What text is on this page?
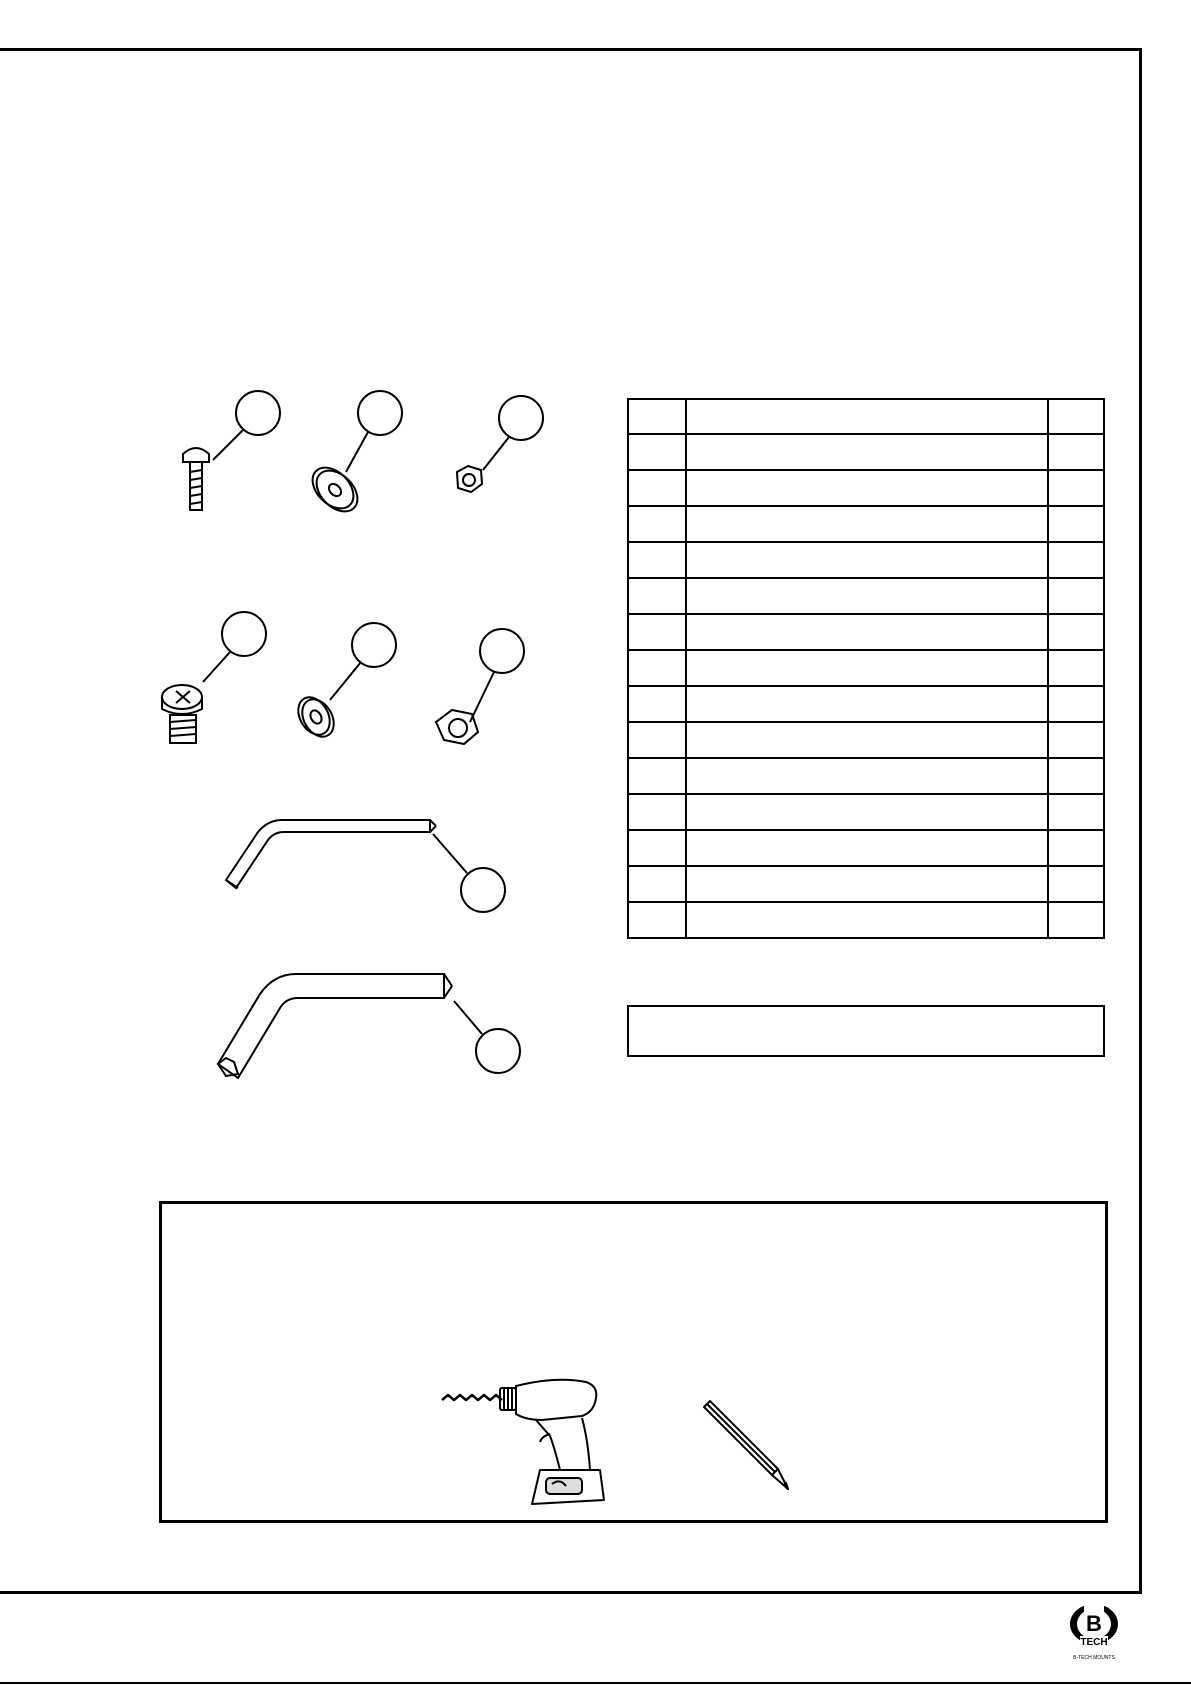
B
TECH
B-TECH MOUNTS
